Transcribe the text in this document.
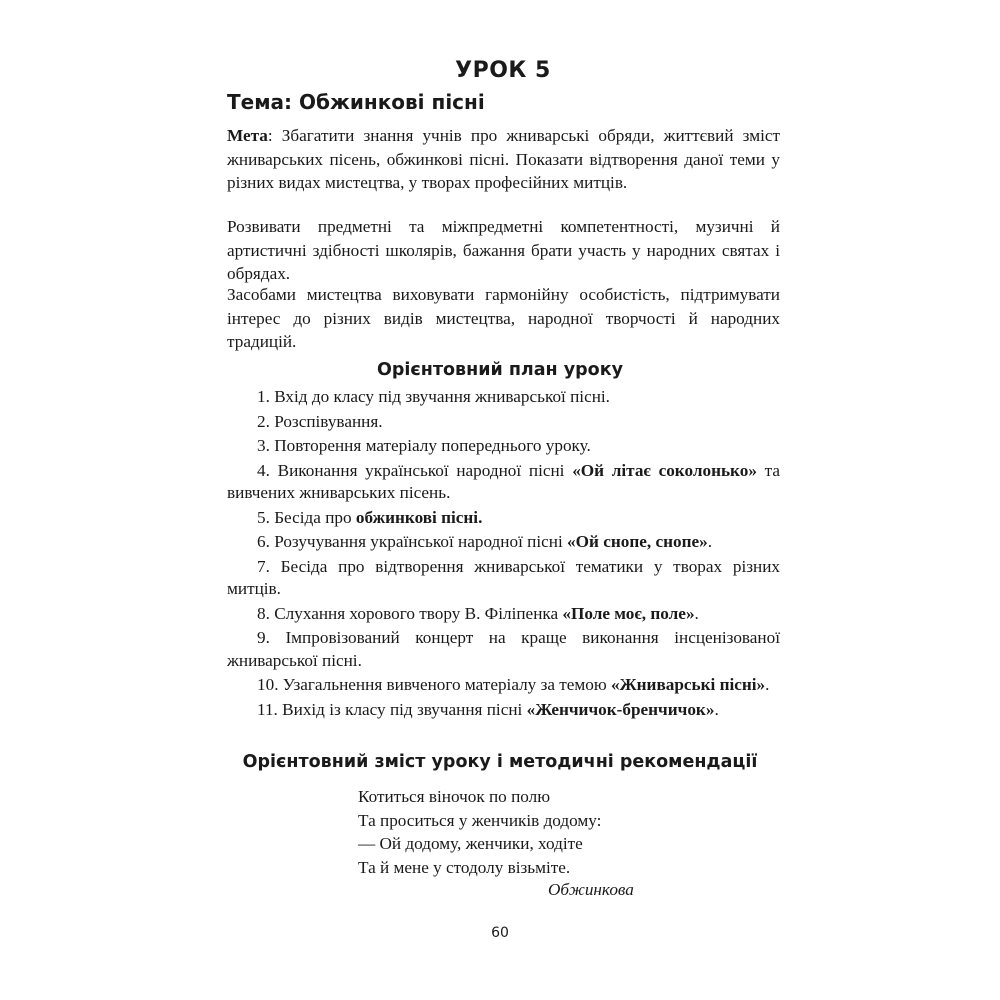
УРОК 5
Тема: Обжинкові пісні

Мета: Збагатити знання учнів про жниварські обряди, життєвий зміст жниварських пісень, обжинкові пісні. Показати відтворення даної теми у різних видах мистецтва, у творах професійних митців.

Розвивати предметні та міжпредметні компетентності, музичні й артистичні здібності школярів, бажання брати участь у народних святах і обрядах.

Засобами мистецтва виховувати гармонійну особистість, підтримувати інтерес до різних видів мистецтва, народної творчості й народних традицій.

Орієнтовний план уроку
1. Вхід до класу під звучання жниварської пісні.
2. Розспівування.
3. Повторення матеріалу попереднього уроку.
4. Виконання української народної пісні «Ой літає соколонько» та вивчених жниварських пісень.
5. Бесіда про обжинкові пісні.
6. Розучування української народної пісні «Ой снопе, снопе».
7. Бесіда про відтворення жниварської тематики у творах різних митців.
8. Слухання хорового твору В. Філіпенка «Поле моє, поле».
9. Імпровізований концерт на краще виконання інсценізованої жниварської пісні.
10. Узагальнення вивченого матеріалу за темою «Жниварські пісні».
11. Вихід із класу під звучання пісні «Женчичок-бренчичок».
Орієнтовний зміст уроку і методичні рекомендації
Котиться віночок по полю
Та проситься у женчиків додому:
— Ой додому, женчики, ходіте
Та й мене у стодолу візьміте.
Обжинкова
60
